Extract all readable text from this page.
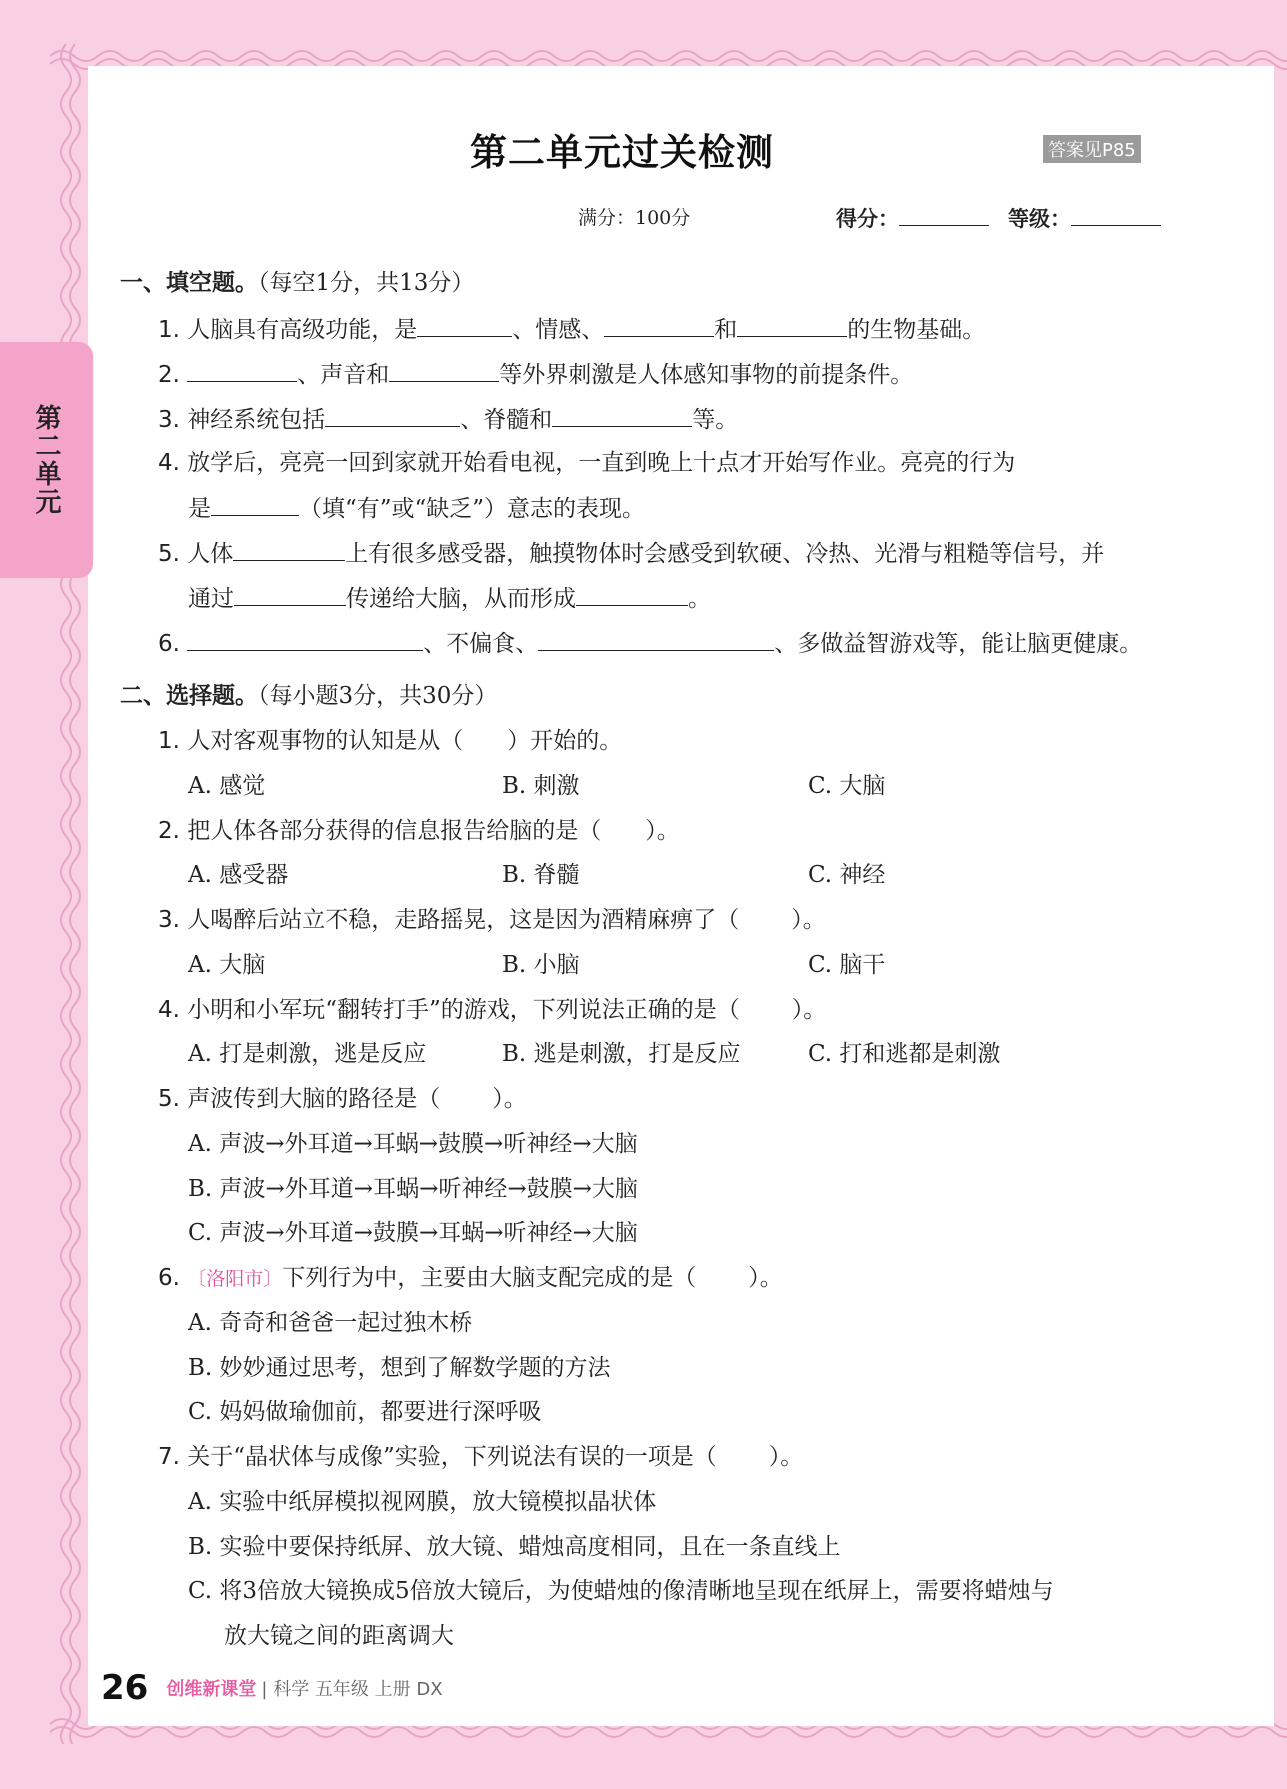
第二单元
第二单元过关检测	答案见P85
满分：100分	得分：	等级：
一、填空题。（每空1分，共13分）
1. 人脑具有高级功能，是	、情感、	和	的生物基础。
2.	、声音和	等外界刺激是人体感知事物的前提条件。
3. 神经系统包括	、脊髓和	等。
4. 放学后，亮亮一回到家就开始看电视，一直到晚上十点才开始写作业。亮亮的行为
是	（填“有”或“缺乏”）意志的表现。
5. 人体	上有很多感受器，触摸物体时会感受到软硬、冷热、光滑与粗糙等信号，并
通过	传递给大脑，从而形成	。
6.	、不偏食、	、多做益智游戏等，能让脑更健康。
二、选择题。（每小题3分，共30分）
1. 人对客观事物的认知是从（ ）开始的。
A. 感觉	B. 刺激	C. 大脑
2. 把人体各部分获得的信息报告给脑的是（ ）。
A. 感受器	B. 脊髓	C. 神经
3. 人喝醉后站立不稳，走路摇晃，这是因为酒精麻痹了（ ）。
A. 大脑	B. 小脑	C. 脑干
4. 小明和小军玩“翻转打手”的游戏，下列说法正确的是（ ）。
A. 打是刺激，逃是反应	B. 逃是刺激，打是反应	C. 打和逃都是刺激
5. 声波传到大脑的路径是（ ）。
A. 声波→外耳道→耳蜗→鼓膜→听神经→大脑
B. 声波→外耳道→耳蜗→听神经→鼓膜→大脑
C. 声波→外耳道→鼓膜→耳蜗→听神经→大脑
6. 〔洛阳市〕下列行为中，主要由大脑支配完成的是（ ）。
A. 奇奇和爸爸一起过独木桥
B. 妙妙通过思考，想到了解数学题的方法
C. 妈妈做瑜伽前，都要进行深呼吸
7. 关于“晶状体与成像”实验，下列说法有误的一项是（ ）。
A. 实验中纸屏模拟视网膜，放大镜模拟晶状体
B. 实验中要保持纸屏、放大镜、蜡烛高度相同，且在一条直线上
C. 将3倍放大镜换成5倍放大镜后，为使蜡烛的像清晰地呈现在纸屏上，需要将蜡烛与
放大镜之间的距离调大
26 创维新课堂 | 科学 五年级 上册 DX
